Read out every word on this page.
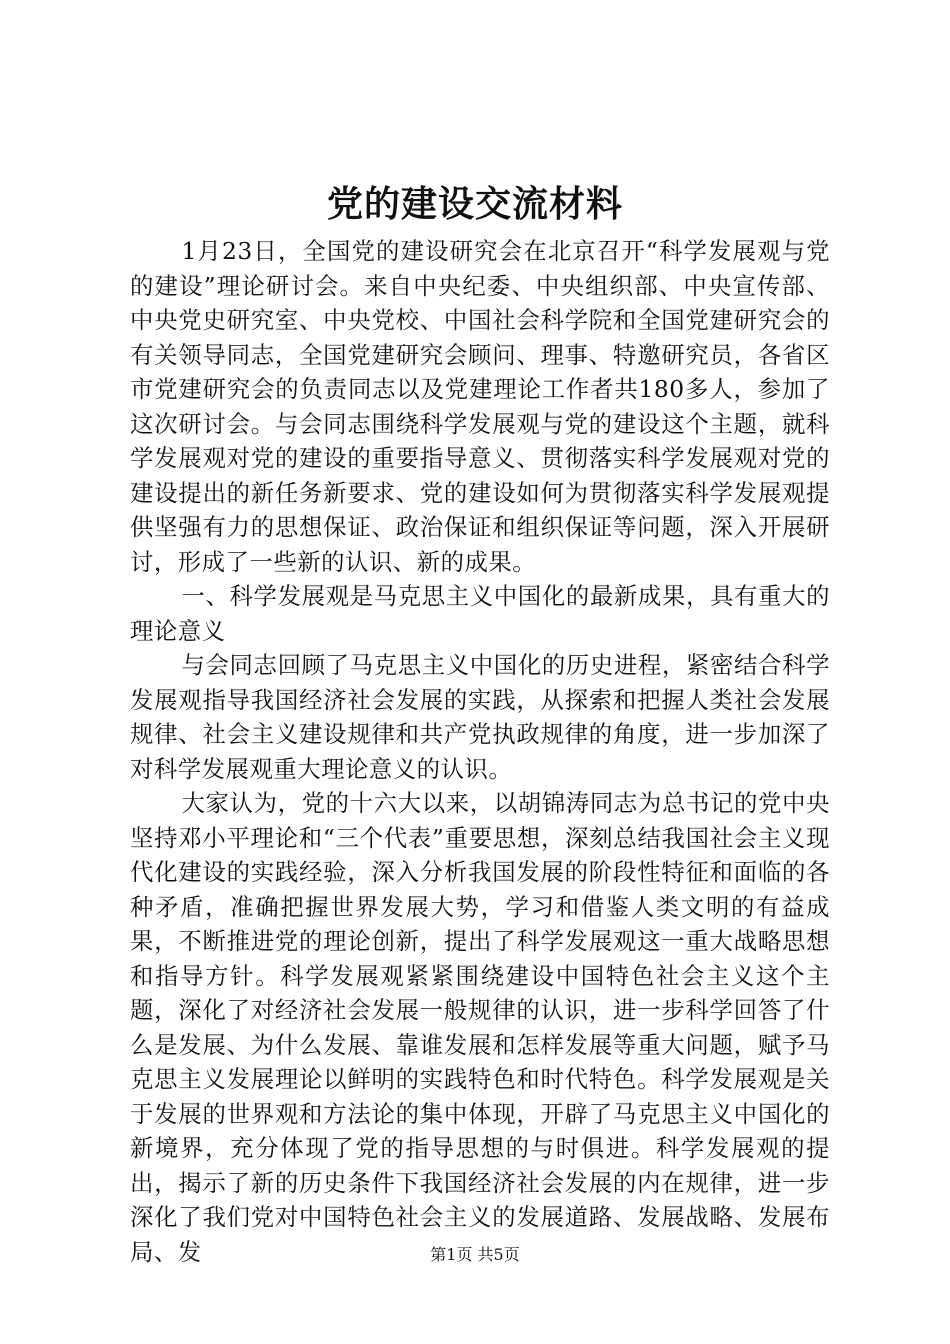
党的建设交流材料

1月23日，全国党的建设研究会在北京召开“科学发展观与党的建设”理论研讨会。来自中央纪委、中央组织部、中央宣传部、中央党史研究室、中央党校、中国社会科学院和全国党建研究会的有关领导同志，全国党建研究会顾问、理事、特邀研究员，各省区市党建研究会的负责同志以及党建理论工作者共180多人，参加了这次研讨会。与会同志围绕科学发展观与党的建设这个主题，就科学发展观对党的建设的重要指导意义、贯彻落实科学发展观对党的建设提出的新任务新要求、党的建设如何为贯彻落实科学发展观提供坚强有力的思想保证、政治保证和组织保证等问题，深入开展研讨，形成了一些新的认识、新的成果。

一、科学发展观是马克思主义中国化的最新成果，具有重大的理论意义

与会同志回顾了马克思主义中国化的历史进程，紧密结合科学发展观指导我国经济社会发展的实践，从探索和把握人类社会发展规律、社会主义建设规律和共产党执政规律的角度，进一步加深了对科学发展观重大理论意义的认识。

大家认为，党的十六大以来，以胡锦涛同志为总书记的党中央坚持邓小平理论和“三个代表”重要思想，深刻总结我国社会主义现代化建设的实践经验，深入分析我国发展的阶段性特征和面临的各种矛盾，准确把握世界发展大势，学习和借鉴人类文明的有益成果，不断推进党的理论创新，提出了科学发展观这一重大战略思想和指导方针。科学发展观紧紧围绕建设中国特色社会主义这个主题，深化了对经济社会发展一般规律的认识，进一步科学回答了什么是发展、为什么发展、靠谁发展和怎样发展等重大问题，赋予马克思主义发展理论以鲜明的实践特色和时代特色。科学发展观是关于发展的世界观和方法论的集中体现，开辟了马克思主义中国化的新境界，充分体现了党的指导思想的与时俱进。科学发展观的提出，揭示了新的历史条件下我国经济社会发展的内在规律，进一步深化了我们党对中国特色社会主义的发展道路、发展战略、发展布局、发	第1页 共5页
